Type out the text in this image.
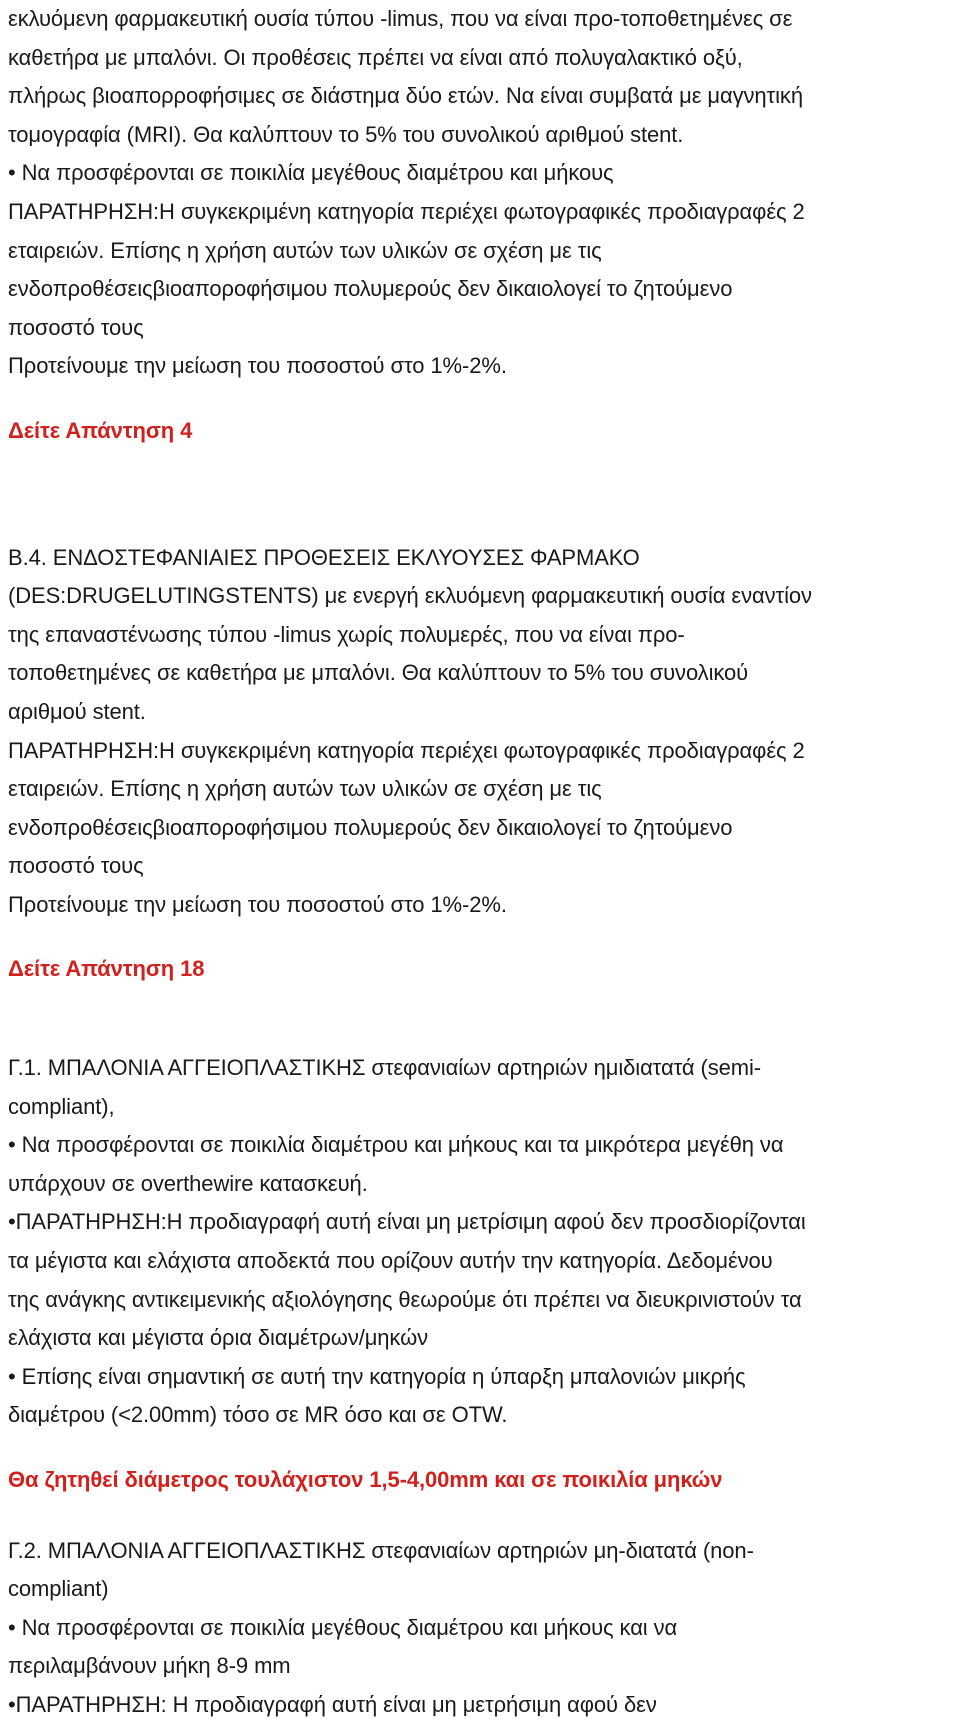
εκλυόμενη φαρμακευτική ουσία τύπου -limus, που να είναι προ-τοποθετημένες σε
καθετήρα με μπαλόνι. Οι προθέσεις πρέπει να είναι από πολυγαλακτικό οξύ,
πλήρως βιοαπορροφήσιμες σε διάστημα δύο ετών. Να είναι συμβατά με μαγνητική
τομογραφία (MRI). Θα καλύπτουν το 5% του συνολικού αριθμού stent.
• Να προσφέρονται σε ποικιλία μεγέθους διαμέτρου και μήκους
ΠΑΡΑΤΗΡΗΣΗ:Η συγκεκριμένη κατηγορία περιέχει φωτογραφικές προδιαγραφές 2
εταιρειών. Επίσης η χρήση αυτών των υλικών σε σχέση με τις
ενδοπροθέσειςβιοαποροφήσιμου πολυμερούς δεν δικαιολογεί το ζητούμενο
ποσοστό τους
Προτείνουμε την μείωση του ποσοστού στο 1%-2%.
Δείτε Απάντηση 4
Β.4. ΕΝΔΟΣΤΕΦΑΝΙΑΙΕΣ ΠΡΟΘΕΣΕΙΣ ΕΚΛΥΟΥΣΕΣ ΦΑΡΜΑΚΟ
(DES:DRUGELUTINGSTENTS) με ενεργή εκλυόμενη φαρμακευτική ουσία εναντίον
της επαναστένωσης τύπου -limus χωρίς πολυμερές, που να είναι προ-
τοποθετημένες σε καθετήρα με μπαλόνι. Θα καλύπτουν το 5% του συνολικού
αριθμού stent.
ΠΑΡΑΤΗΡΗΣΗ:Η συγκεκριμένη κατηγορία περιέχει φωτογραφικές προδιαγραφές 2
εταιρειών. Επίσης η χρήση αυτών των υλικών σε σχέση με τις
ενδοπροθέσειςβιοαποροφήσιμου πολυμερούς δεν δικαιολογεί το ζητούμενο
ποσοστό τους
Προτείνουμε την μείωση του ποσοστού στο 1%-2%.
Δείτε Απάντηση 18
Γ.1. ΜΠΑΛΟΝΙΑ ΑΓΓΕΙΟΠΛΑΣΤΙΚΗΣ στεφανιαίων αρτηριών ημιδιατατά (semi-
compliant),
• Να προσφέρονται σε ποικιλία διαμέτρου και μήκους και τα μικρότερα μεγέθη να
υπάρχουν σε overthewire κατασκευή.
•ΠΑΡΑΤΗΡΗΣΗ:Η προδιαγραφή αυτή είναι μη μετρίσιμη αφού δεν προσδιορίζονται
τα μέγιστα και ελάχιστα αποδεκτά που ορίζουν αυτήν την κατηγορία. Δεδομένου
της ανάγκης αντικειμενικής αξιολόγησης θεωρούμε ότι πρέπει να διευκρινιστούν τα
ελάχιστα και μέγιστα όρια διαμέτρων/μηκών
• Επίσης είναι σημαντική σε αυτή την κατηγορία η ύπαρξη μπαλονιών μικρής
διαμέτρου (<2.00mm) τόσο σε MR όσο και σε OTW.
Θα ζητηθεί διάμετρος τουλάχιστον 1,5-4,00mm και σε ποικιλία μηκών
Γ.2. ΜΠΑΛΟΝΙΑ ΑΓΓΕΙΟΠΛΑΣΤΙΚΗΣ στεφανιαίων αρτηριών μη-διατατά (non-
compliant)
• Να προσφέρονται σε ποικιλία μεγέθους διαμέτρου και μήκους και να
περιλαμβάνουν μήκη 8-9 mm
•ΠΑΡΑΤΗΡΗΣΗ: Η προδιαγραφή αυτή είναι μη μετρήσιμη αφού δεν
